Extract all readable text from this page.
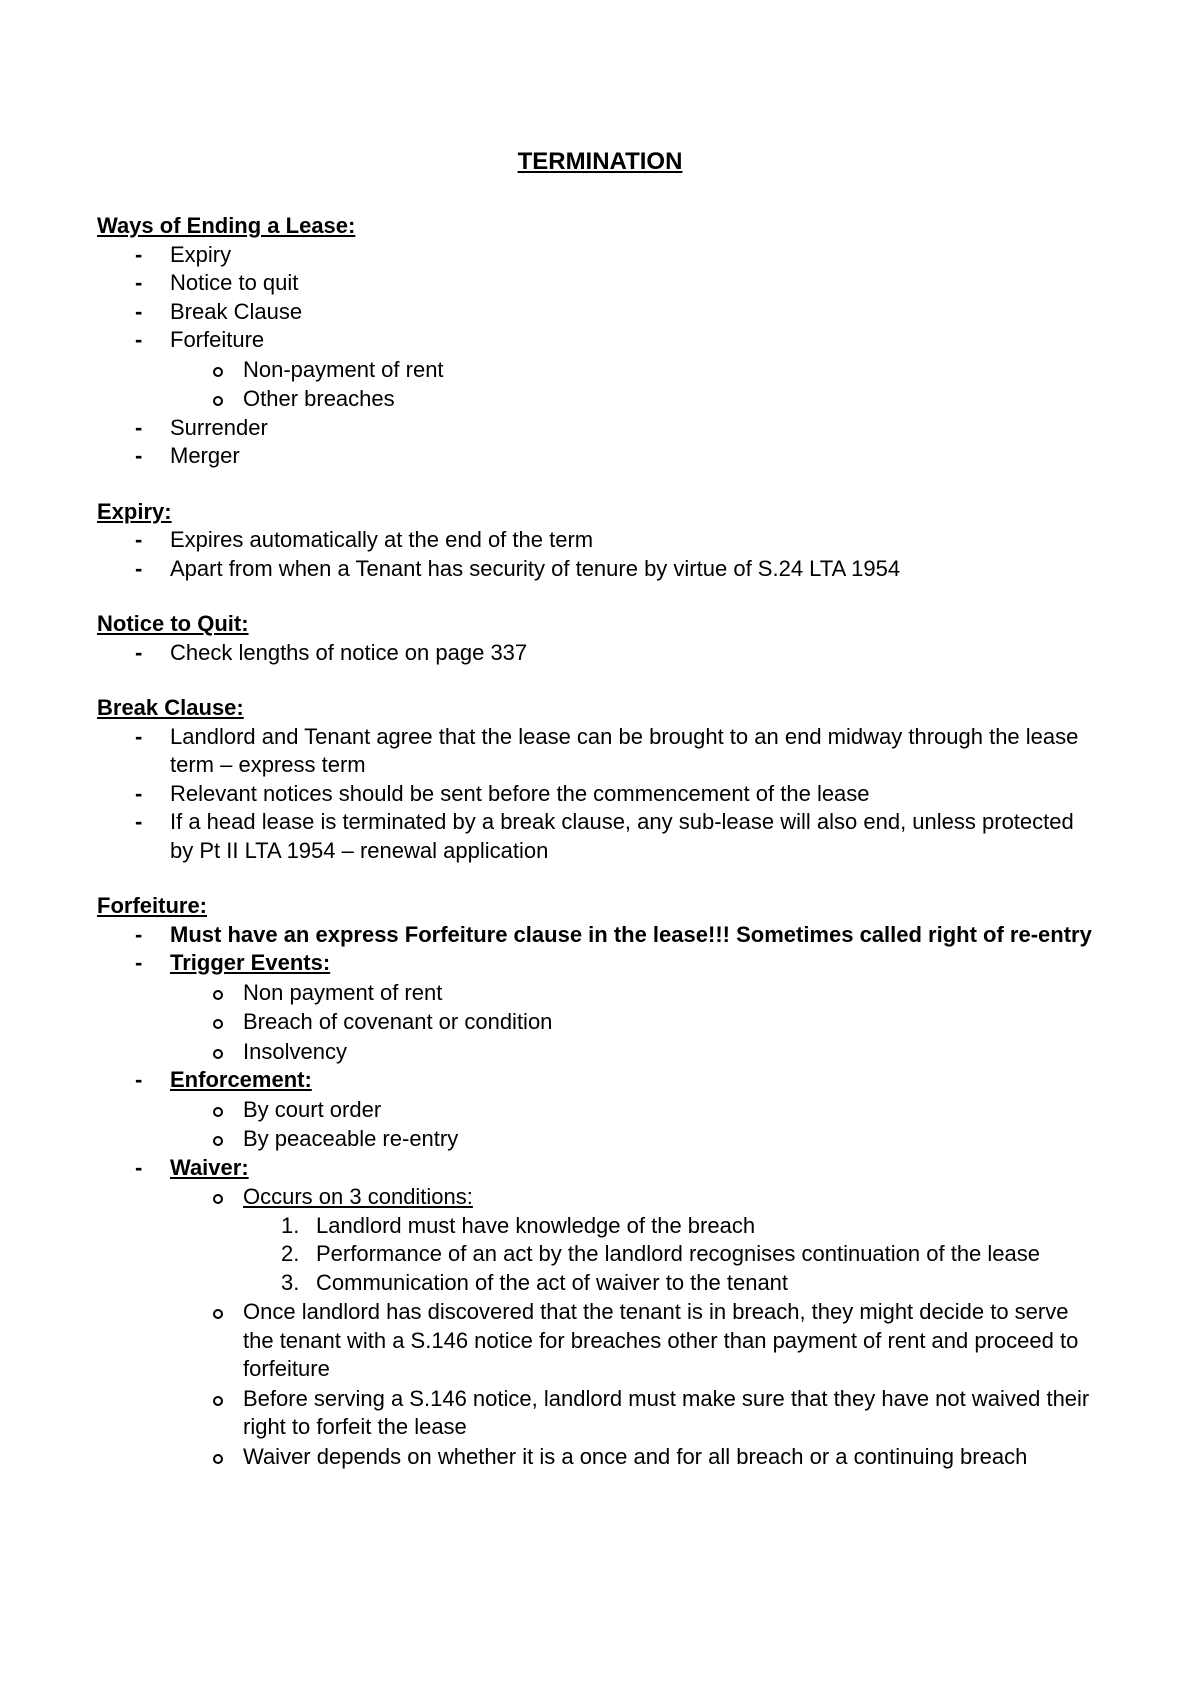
TERMINATION

Ways of Ending a Lease:

- Expiry
- Notice to quit
- Break Clause
- Forfeiture
Non-payment of rent
Other breaches
- Surrender
- Merger

Expiry:

- Expires automatically at the end of the term
- Apart from when a Tenant has security of tenure by virtue of S.24 LTA 1954

Notice to Quit:

- Check lengths of notice on page 337

Break Clause:

- Landlord and Tenant agree that the lease can be brought to an end midway through the lease term – express term
- Relevant notices should be sent before the commencement of the lease
- If a head lease is terminated by a break clause, any sub-lease will also end, unless protected by Pt II LTA 1954 – renewal application

Forfeiture:

- Must have an express Forfeiture clause in the lease!!! Sometimes called right of re-entry
- Trigger Events:
Non payment of rent
Breach of covenant or condition
Insolvency
- Enforcement:
By court order
By peaceable re-entry
- Waiver:
Occurs on 3 conditions:
1. Landlord must have knowledge of the breach
2. Performance of an act by the landlord recognises continuation of the lease
3. Communication of the act of waiver to the tenant
Once landlord has discovered that the tenant is in breach, they might decide to serve the tenant with a S.146 notice for breaches other than payment of rent and proceed to forfeiture
Before serving a S.146 notice, landlord must make sure that they have not waived their right to forfeit the lease
Waiver depends on whether it is a once and for all breach or a continuing breach
